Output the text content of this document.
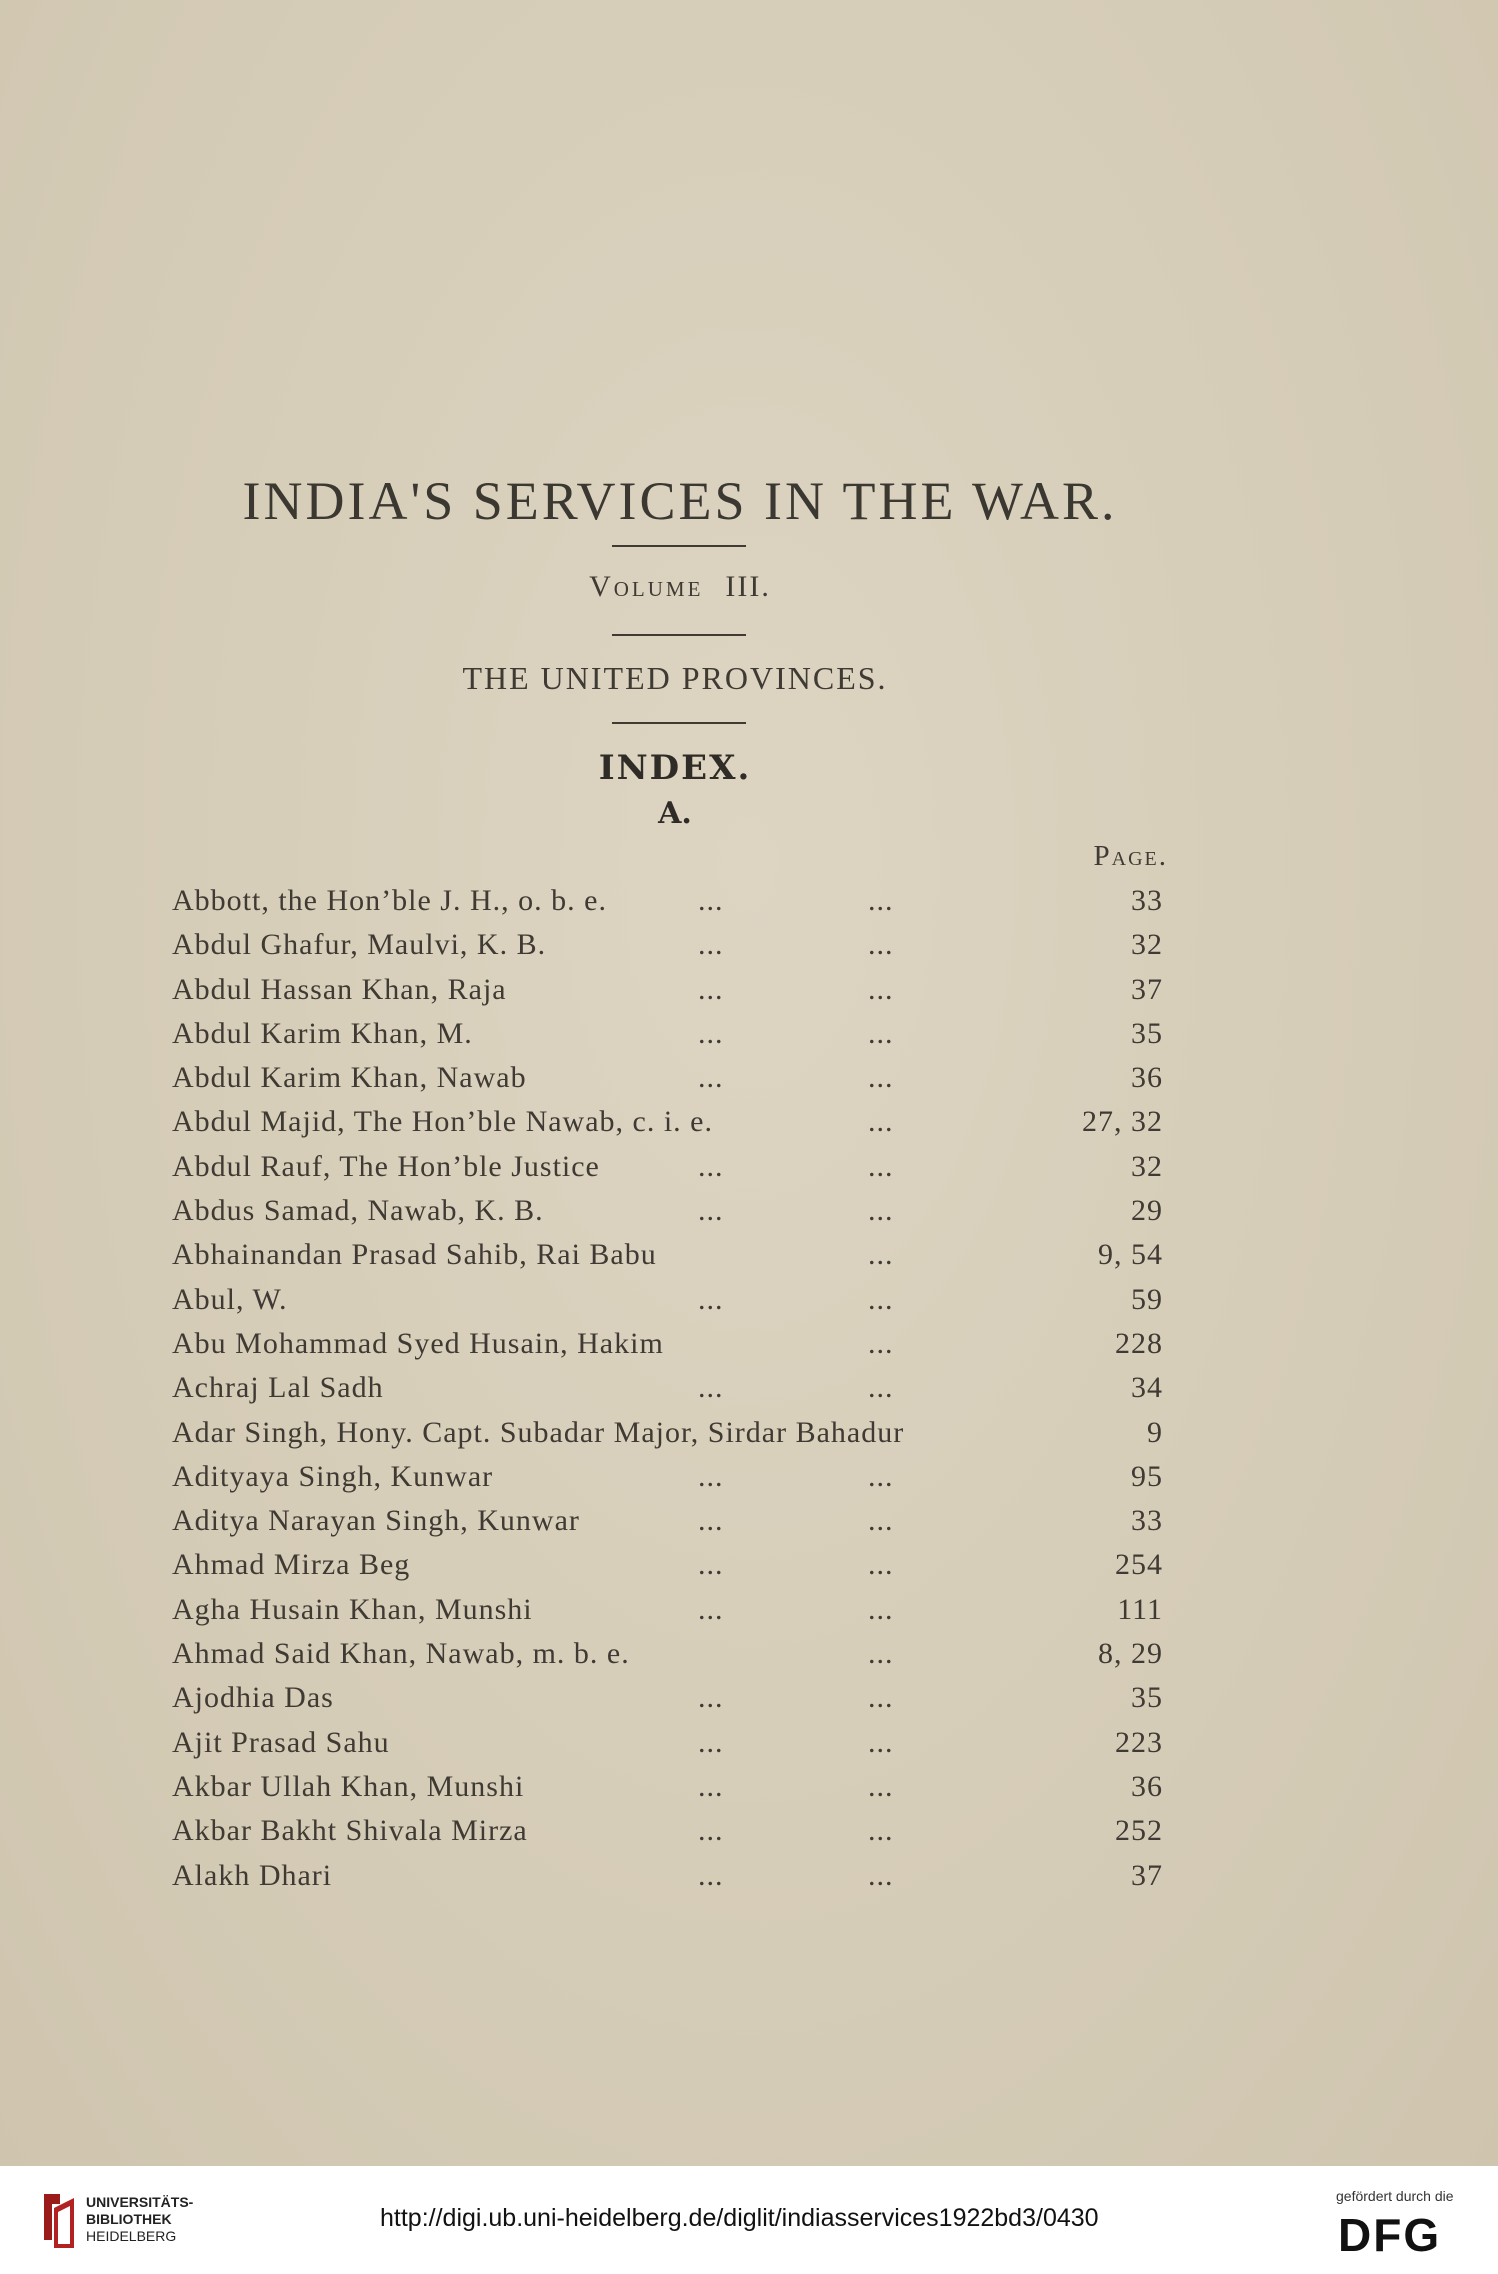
INDIA'S SERVICES IN THE WAR.
Volume III.
THE UNITED PROVINCES.
INDEX.
A.
Page.
Abbott, the Hon’ble J. H., o. b. e.	...	...	33
Abdul Ghafur, Maulvi, K. B.	...	...	32
Abdul Hassan Khan, Raja	...	...	37
Abdul Karim Khan, M.	...	...	35
Abdul Karim Khan, Nawab	...	...	36
Abdul Majid, The Hon’ble Nawab, c. i. e.	...	27, 32
Abdul Rauf, The Hon’ble Justice	...	...	32
Abdus Samad, Nawab, K. B.	...	...	29
Abhainandan Prasad Sahib, Rai Babu	...	9, 54
Abul, W.	...	...	59
Abu Mohammad Syed Husain, Hakim	...	228
Achraj Lal Sadh	...	...	34
Adar Singh, Hony. Capt. Subadar Major, Sirdar Bahadur	9
Adityaya Singh, Kunwar	...	...	95
Aditya Narayan Singh, Kunwar	...	...	33
Ahmad Mirza Beg	...	...	254
Agha Husain Khan, Munshi	...	...	111
Ahmad Said Khan, Nawab, m. b. e.	...	8, 29
Ajodhia Das	...	...	35
Ajit Prasad Sahu	...	...	223
Akbar Ullah Khan, Munshi	...	...	36
Akbar Bakht Shivala Mirza	...	...	252
Alakh Dhari	...	...	37
UNIVERSITÄTS-
BIBLIOTHEK
HEIDELBERG
http://digi.ub.uni-heidelberg.de/diglit/indiasservices1922bd3/0430
gefördert durch die
DFG
